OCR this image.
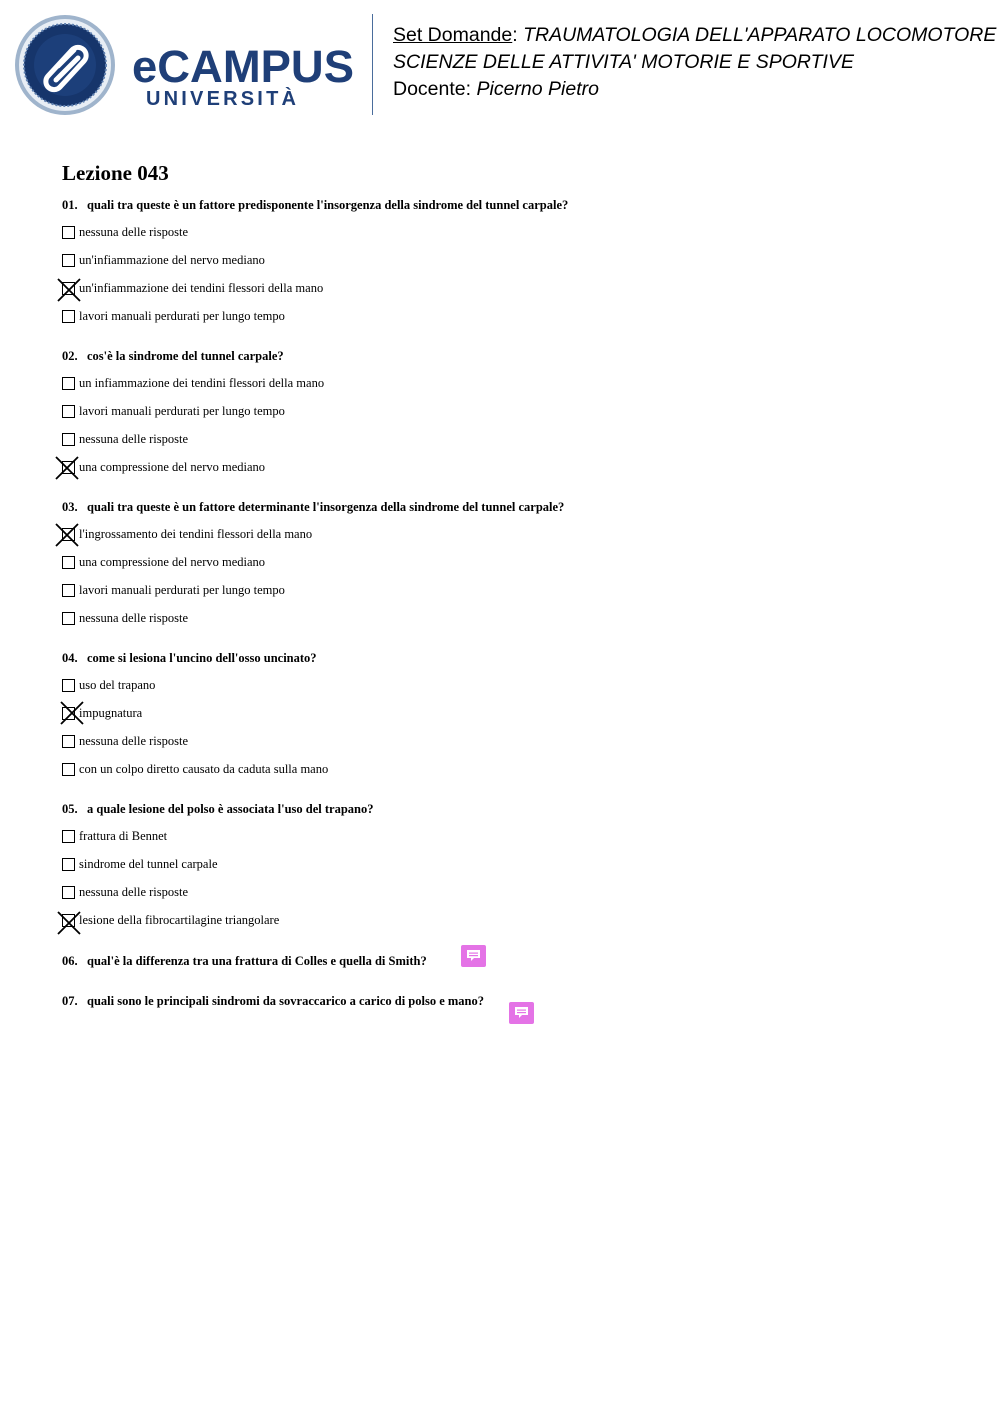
eCAMPUS
UNIVERSITÀ
Set Domande: TRAUMATOLOGIA DELL'APPARATO LOCOMOTORE
SCIENZE DELLE ATTIVITA' MOTORIE E SPORTIVE
Docente: Picerno Pietro
Lezione 043
01. quali tra queste è un fattore predisponente l'insorgenza della sindrome del tunnel carpale?
nessuna delle risposte
un'infiammazione del nervo mediano
un'infiammazione dei tendini flessori della mano
lavori manuali perdurati per lungo tempo
02. cos'è la sindrome del tunnel carpale?
un infiammazione dei tendini flessori della mano
lavori manuali perdurati per lungo tempo
nessuna delle risposte
una compressione del nervo mediano
03. quali tra queste è un fattore determinante l'insorgenza della sindrome del tunnel carpale?
l'ingrossamento dei tendini flessori della mano
una compressione del nervo mediano
lavori manuali perdurati per lungo tempo
nessuna delle risposte
04. come si lesiona l'uncino dell'osso uncinato?
uso del trapano
impugnatura
nessuna delle risposte
con un colpo diretto causato da caduta sulla mano
05. a quale lesione del polso è associata l'uso del trapano?
frattura di Bennet
sindrome del tunnel carpale
nessuna delle risposte
lesione della fibrocartilagine triangolare
06. qual'è la differenza tra una frattura di Colles e quella di Smith?
07. quali sono le principali sindromi da sovraccarico a carico di polso e mano?
